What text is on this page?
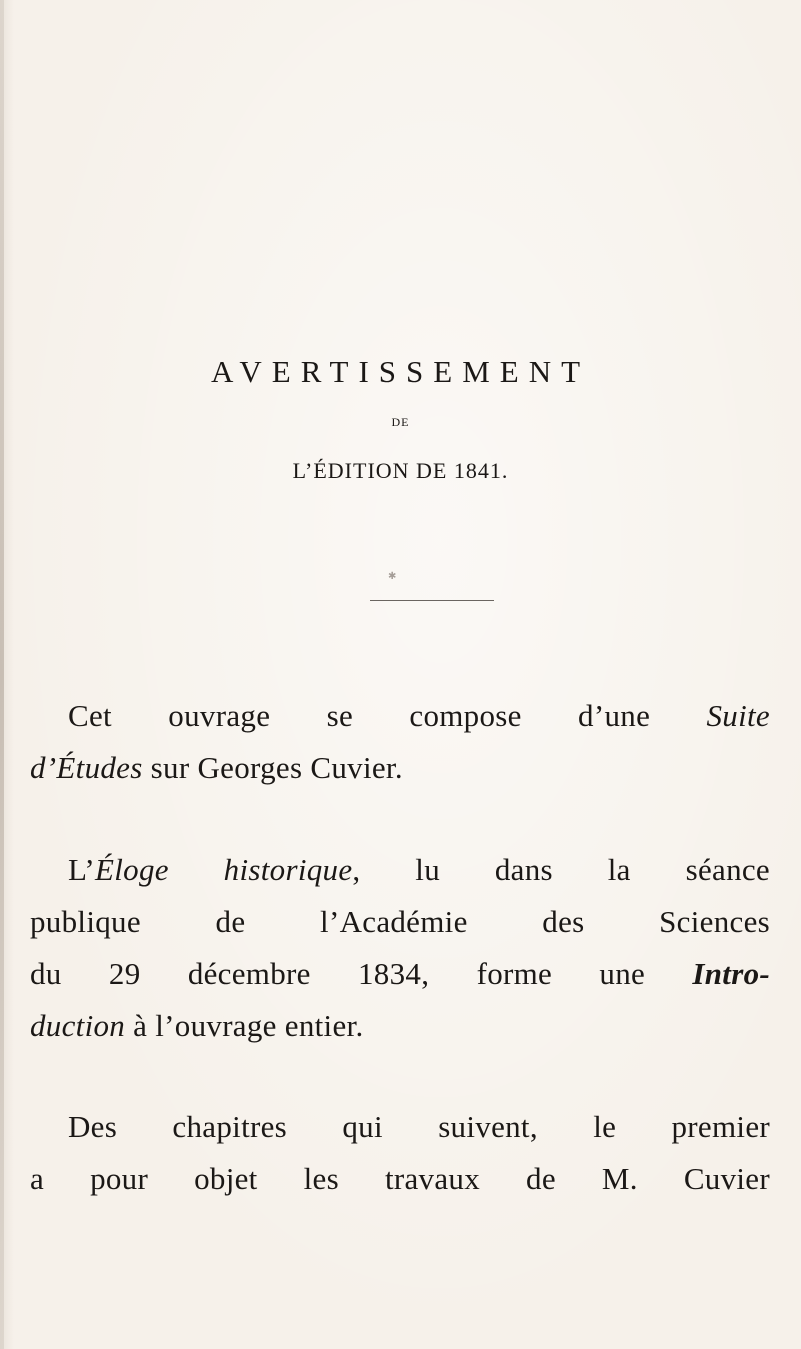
AVERTISSEMENT
DE
L’ÉDITION DE 1841.
✱
Cet ouvrage se compose d’une Suite
d’Études sur Georges Cuvier.
L’Éloge historique, lu dans la séance
publique de l’Académie des Sciences
du 29 décembre 1834, forme une Intro-
duction à l’ouvrage entier.
Des chapitres qui suivent, le premier
a pour objet les travaux de M. Cuvier
